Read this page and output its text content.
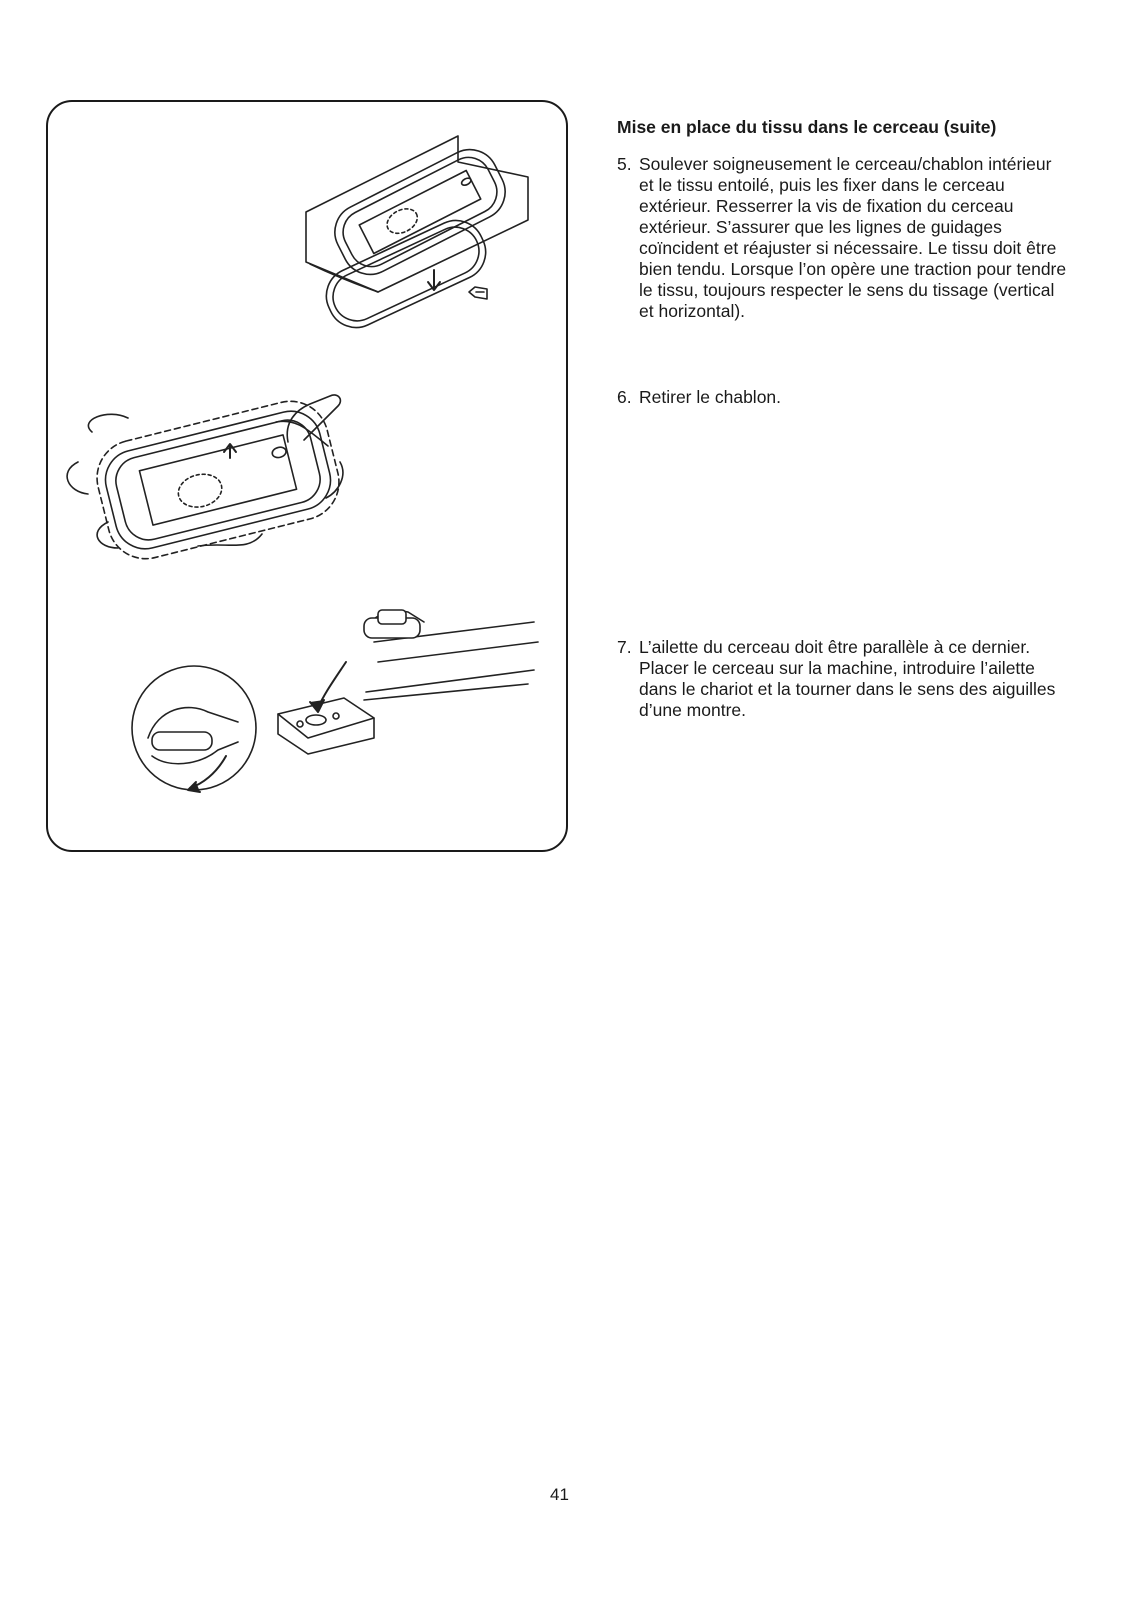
Mise en place du tissu dans le cerceau (suite)
5. Soulever soigneusement le cerceau/chablon intérieur et le tissu entoilé, puis les fixer dans le cerceau extérieur. Resserrer la vis de fixation du cerceau extérieur. S’assurer que les lignes de guidages coïncident et réajuster si nécessaire. Le tissu doit être bien tendu. Lorsque l’on opère une traction pour tendre le tissu, toujours respecter le sens du tissage (vertical et horizontal).
6. Retirer le chablon.
7. L’ailette du cerceau doit être parallèle à ce dernier. Placer le cerceau sur la machine, introduire l’ailette dans le chariot et la tourner dans le sens des aiguilles d’une montre.
41
